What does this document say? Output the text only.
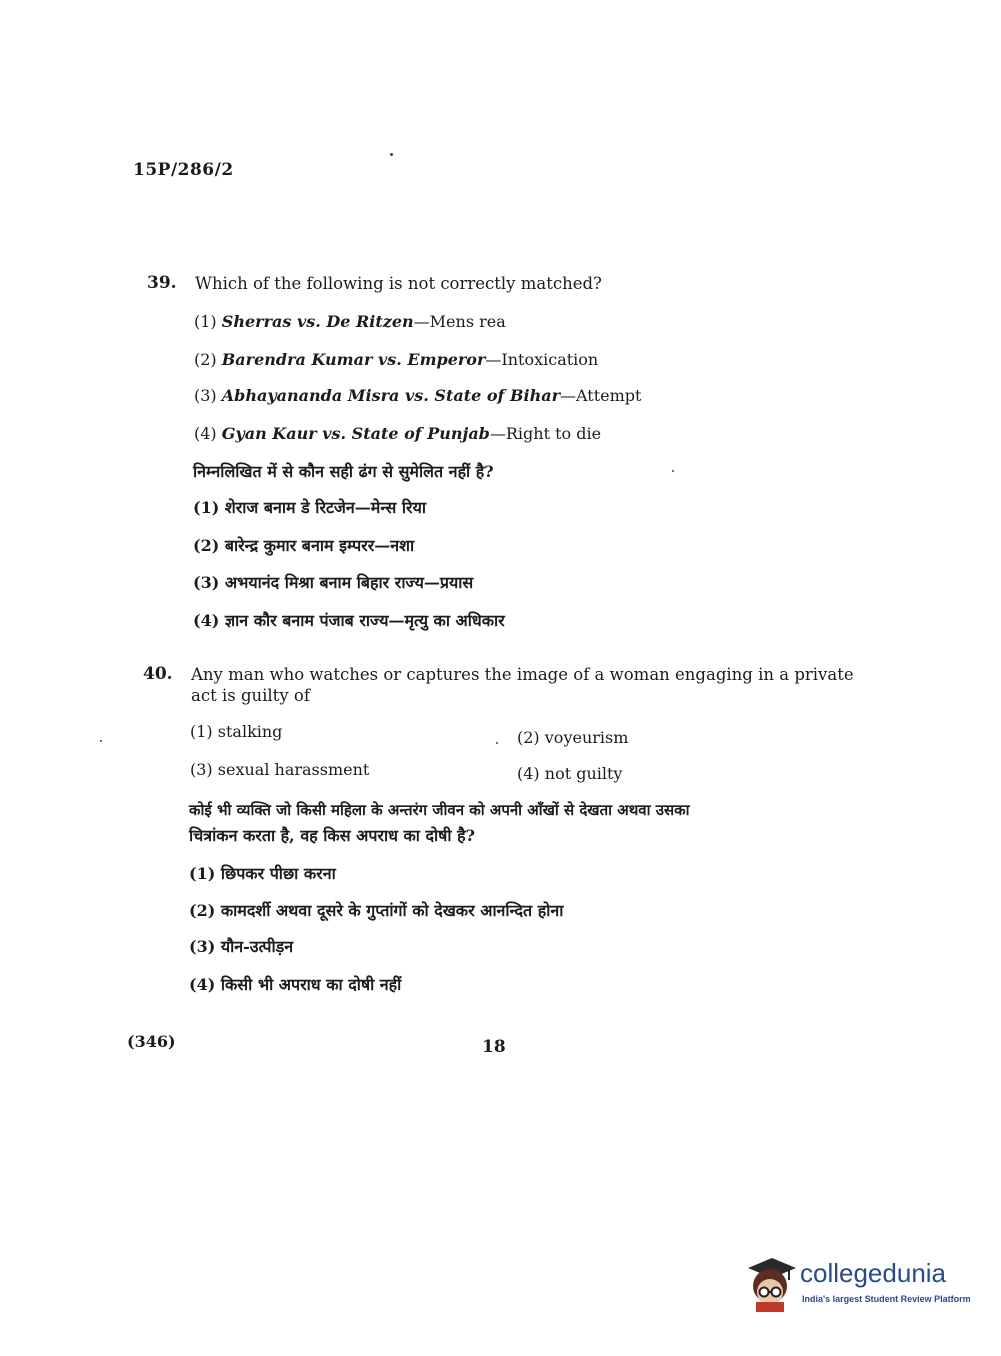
15P/286/2
39. Which of the following is not correctly matched?
(1) Sherras vs. De Ritzen—Mens rea
(2) Barendra Kumar vs. Emperor—Intoxication
(3) Abhayananda Misra vs. State of Bihar—Attempt
(4) Gyan Kaur vs. State of Punjab—Right to die
निम्नलिखित में से कौन सही ढंग से सुमेलित नहीं है?
(1) शेराज बनाम डे रिटजेन—मेन्स रिया
(2) बारेन्द्र कुमार बनाम इम्परर—नशा
(3) अभयानंद मिश्रा बनाम बिहार राज्य—प्रयास
(4) ज्ञान कौर बनाम पंजाब राज्य—मृत्यु का अधिकार
40. Any man who watches or captures the image of a woman engaging in a private
act is guilty of
(1) stalking	(2) voyeurism
(3) sexual harassment	(4) not guilty
कोई भी व्यक्ति जो किसी महिला के अन्तरंग जीवन को अपनी आँखों से देखता अथवा उसका
चित्रांकन करता है, वह किस अपराध का दोषी है?
(1) छिपकर पीछा करना
(2) कामदर्शी अथवा दूसरे के गुप्तांगों को देखकर आनन्दित होना
(3) यौन-उत्पीड़न
(4) किसी भी अपराध का दोषी नहीं
(346)	18
collegedunia
India's largest Student Review Platform
